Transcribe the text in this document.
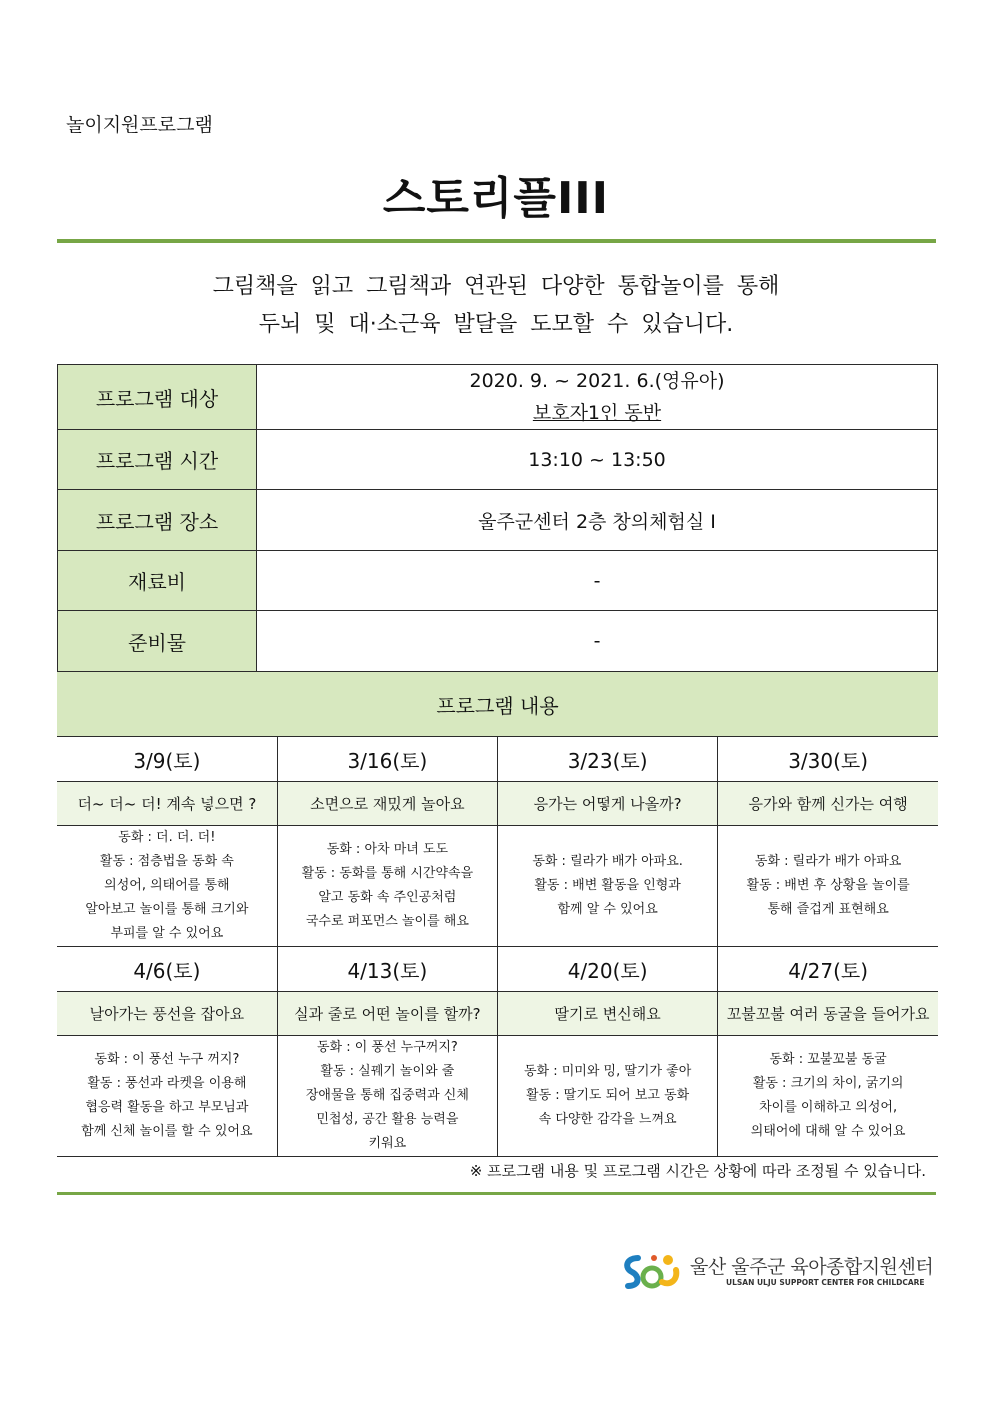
놀이지원프로그램
스토리플III
그림책을 읽고 그림책과 연관된 다양한 통합놀이를 통해
두뇌 및 대·소근육 발달을 도모할 수 있습니다.
프로그램 대상	2020. 9. ~ 2021. 6.(영유아)
보호자1인 동반

프로그램 시간	13:10 ~ 13:50
프로그램 장소	울주군센터 2층 창의체험실 I
재료비	-
준비물	-
프로그램 내용			
3/9(토)	3/16(토)	3/23(토)	3/30(토)
더~ 더~ 더! 계속 넣으면 ?	소면으로 재밌게 놀아요	응가는 어떻게 나올까?	응가와 함께 신가는 여행

동화 : 더. 더. 더!
활동 : 점층법을 동화 속
의성어, 의태어를 통해
알아보고 놀이를 통해 크기와
부피를 알 수 있어요	동화 : 아차 마녀 도도
활동 : 동화를 통해 시간약속을
알고 동화 속 주인공처럼
국수로 퍼포먼스 놀이를 해요	동화 : 릴라가 배가 아파요.
활동 : 배변 활동을 인형과
함께 알 수 있어요	동화 : 릴라가 배가 아파요
활동 : 배변 후 상황을 놀이를
통해 즐겁게 표현해요

4/6(토)	4/13(토)	4/20(토)	4/27(토)
날아가는 풍선을 잡아요	실과 줄로 어떤 놀이를 할까?	딸기로 변신해요	꼬불꼬불 여러 동굴을 들어가요

동화 : 이 풍선 누구 꺼지?
활동 : 풍선과 라켓을 이용해
협응력 활동을 하고 부모님과
함께 신체 놀이를 할 수 있어요	동화 : 이 풍선 누구꺼지?
활동 : 실꿰기 놀이와 줄
장애물을 통해 집중력과 신체
민첩성, 공간 활용 능력을
키워요	동화 : 미미와 밍, 딸기가 좋아
활동 : 딸기도 되어 보고 동화
속 다양한 감각을 느껴요	동화 : 꼬불꼬불 동굴
활동 : 크기의 차이, 굵기의
차이를 이해하고 의성어,
의태어에 대해 알 수 있어요
※ 프로그램 내용 및 프로그램 시간은 상황에 따라 조정될 수 있습니다.
울산 울주군 육아종합지원센터
ULSAN ULJU SUPPORT CENTER FOR CHILDCARE
